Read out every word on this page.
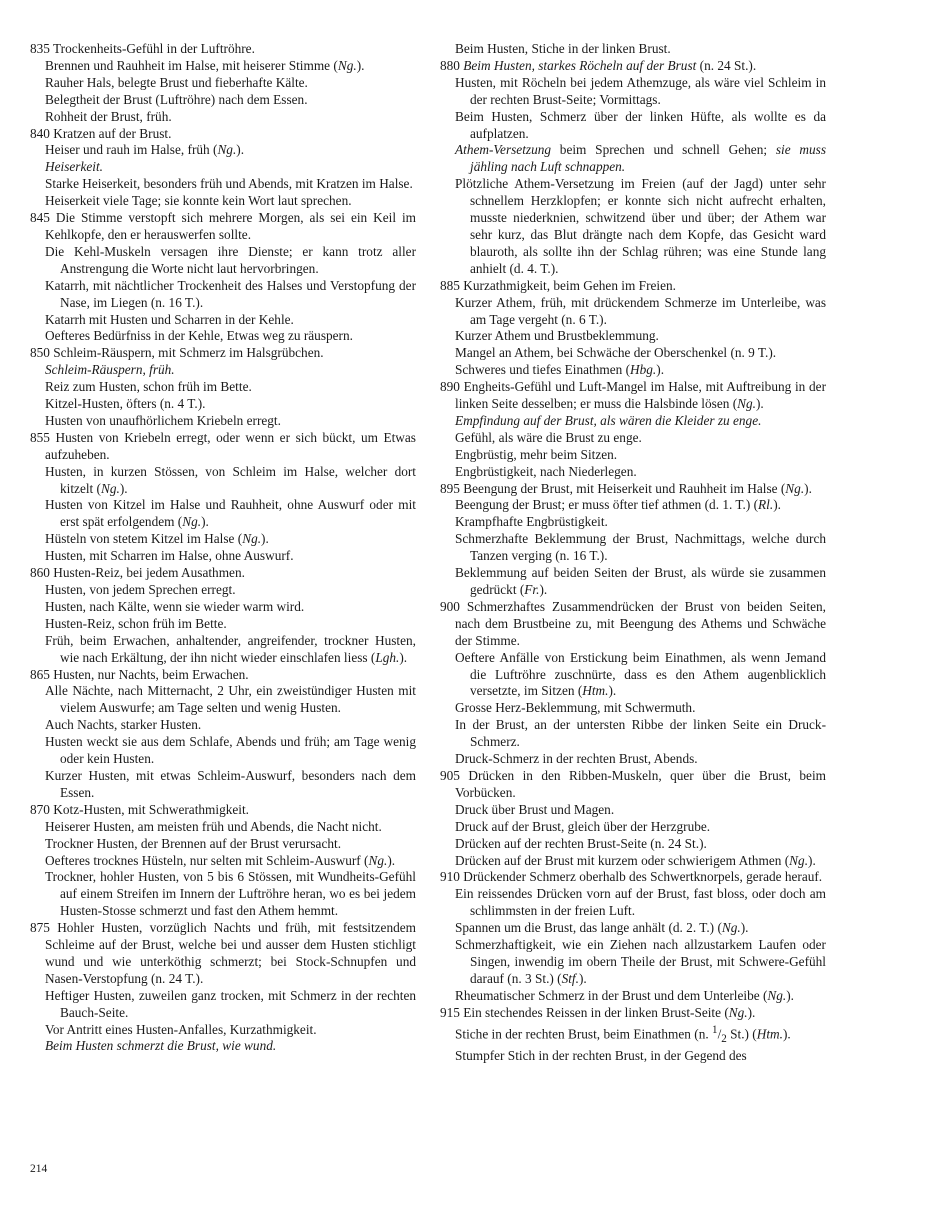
835 Trockenheits-Gefühl in der Luftröhre.

Brennen und Rauhheit im Halse, mit heiserer Stimme (Ng.).

Rauher Hals, belegte Brust und fieberhafte Kälte.

Belegtheit der Brust (Luftröhre) nach dem Essen.

Rohheit der Brust, früh.

840 Kratzen auf der Brust.

Heiser und rauh im Halse, früh (Ng.).

Heiserkeit.

Starke Heiserkeit, besonders früh und Abends, mit Kratzen im Halse.

Heiserkeit viele Tage; sie konnte kein Wort laut sprechen.

845 Die Stimme verstopft sich mehrere Morgen, als sei ein Keil im Kehlkopfe, den er herauswerfen sollte.

Die Kehl-Muskeln versagen ihre Dienste; er kann trotz aller Anstrengung die Worte nicht laut hervorbringen.

Katarrh, mit nächtlicher Trockenheit des Halses und Verstopfung der Nase, im Liegen (n. 16 T.).

Katarrh mit Husten und Scharren in der Kehle.

Oefteres Bedürfniss in der Kehle, Etwas weg zu räuspern.

850 Schleim-Räuspern, mit Schmerz im Halsgrübchen.

Schleim-Räuspern, früh.

Reiz zum Husten, schon früh im Bette.

Kitzel-Husten, öfters (n. 4 T.).

Husten von unaufhörlichem Kriebeln erregt.

855 Husten von Kriebeln erregt, oder wenn er sich bückt, um Etwas aufzuheben.

Husten, in kurzen Stössen, von Schleim im Halse, welcher dort kitzelt (Ng.).

Husten von Kitzel im Halse und Rauhheit, ohne Auswurf oder mit erst spät erfolgendem (Ng.).

Hüsteln von stetem Kitzel im Halse (Ng.).

Husten, mit Scharren im Halse, ohne Auswurf.

860 Husten-Reiz, bei jedem Ausathmen.

Husten, von jedem Sprechen erregt.

Husten, nach Kälte, wenn sie wieder warm wird.

Husten-Reiz, schon früh im Bette.

Früh, beim Erwachen, anhaltender, angreifender, trockner Husten, wie nach Erkältung, der ihn nicht wieder einschlafen liess (Lgh.).

865 Husten, nur Nachts, beim Erwachen.

Alle Nächte, nach Mitternacht, 2 Uhr, ein zweistündiger Husten mit vielem Auswurfe; am Tage selten und wenig Husten.

Auch Nachts, starker Husten.

Husten weckt sie aus dem Schlafe, Abends und früh; am Tage wenig oder kein Husten.

Kurzer Husten, mit etwas Schleim-Auswurf, besonders nach dem Essen.

870 Kotz-Husten, mit Schwerathmigkeit.

Heiserer Husten, am meisten früh und Abends, die Nacht nicht.

Trockner Husten, der Brennen auf der Brust verursacht.

Oefteres trocknes Hüsteln, nur selten mit Schleim-Auswurf (Ng.).

Trockner, hohler Husten, von 5 bis 6 Stössen, mit Wundheits-Gefühl auf einem Streifen im Innern der Luftröhre heran, wo es bei jedem Husten-Stosse schmerzt und fast den Athem hemmt.

875 Hohler Husten, vorzüglich Nachts und früh, mit festsitzendem Schleime auf der Brust, welche bei und ausser dem Husten stichligt wund und wie unterköthig schmerzt; bei Stock-Schnupfen und Nasen-Verstopfung (n. 24 T.).

Heftiger Husten, zuweilen ganz trocken, mit Schmerz in der rechten Bauch-Seite.

Vor Antritt eines Husten-Anfalles, Kurzathmigkeit.

Beim Husten schmerzt die Brust, wie wund.

Beim Husten, Stiche in der linken Brust.

880 Beim Husten, starkes Röcheln auf der Brust (n. 24 St.).

Husten, mit Röcheln bei jedem Athemzuge, als wäre viel Schleim in der rechten Brust-Seite; Vormittags.

Beim Husten, Schmerz über der linken Hüfte, als wollte es da aufplatzen.

Athem-Versetzung beim Sprechen und schnell Gehen; sie muss jähling nach Luft schnappen.

Plötzliche Athem-Versetzung im Freien (auf der Jagd) unter sehr schnellem Herzklopfen; er konnte sich nicht aufrecht erhalten, musste niederknien, schwitzend über und über; der Athem war sehr kurz, das Blut drängte nach dem Kopfe, das Gesicht ward blauroth, als sollte ihn der Schlag rühren; was eine Stunde lang anhielt (d. 4. T.).

885 Kurzathmigkeit, beim Gehen im Freien.

Kurzer Athem, früh, mit drückendem Schmerze im Unterleibe, was am Tage vergeht (n. 6 T.).

Kurzer Athem und Brustbeklemmung.

Mangel an Athem, bei Schwäche der Oberschenkel (n. 9 T.).

Schweres und tiefes Einathmen (Hbg.).

890 Engheits-Gefühl und Luft-Mangel im Halse, mit Auftreibung in der linken Seite desselben; er muss die Halsbinde lösen (Ng.).

Empfindung auf der Brust, als wären die Kleider zu enge.

Gefühl, als wäre die Brust zu enge.

Engbrüstig, mehr beim Sitzen.

Engbrüstigkeit, nach Niederlegen.

895 Beengung der Brust, mit Heiserkeit und Rauhheit im Halse (Ng.).

Beengung der Brust; er muss öfter tief athmen (d. 1. T.) (Rl.).

Krampfhafte Engbrüstigkeit.

Schmerzhafte Beklemmung der Brust, Nachmittags, welche durch Tanzen verging (n. 16 T.).

Beklemmung auf beiden Seiten der Brust, als würde sie zusammen gedrückt (Fr.).

900 Schmerzhaftes Zusammendrücken der Brust von beiden Seiten, nach dem Brustbeine zu, mit Beengung des Athems und Schwäche der Stimme.

Oeftere Anfälle von Erstickung beim Einathmen, als wenn Jemand die Luftröhre zuschnürte, dass es den Athem augenblicklich versetzte, im Sitzen (Htm.).

Grosse Herz-Beklemmung, mit Schwermuth.

In der Brust, an der untersten Ribbe der linken Seite ein Druck-Schmerz.

Druck-Schmerz in der rechten Brust, Abends.

905 Drücken in den Ribben-Muskeln, quer über die Brust, beim Vorbücken.

Druck über Brust und Magen.

Druck auf der Brust, gleich über der Herzgrube.

Drücken auf der rechten Brust-Seite (n. 24 St.).

Drücken auf der Brust mit kurzem oder schwierigem Athmen (Ng.).

910 Drückender Schmerz oberhalb des Schwertknorpels, gerade herauf.

Ein reissendes Drücken vorn auf der Brust, fast bloss, oder doch am schlimmsten in der freien Luft.

Spannen um die Brust, das lange anhält (d. 2. T.) (Ng.).

Schmerzhaftigkeit, wie ein Ziehen nach allzustarkem Laufen oder Singen, inwendig im obern Theile der Brust, mit Schwere-Gefühl darauf (n. 3 St.) (Stf.).

Rheumatischer Schmerz in der Brust und dem Unterleibe (Ng.).

915 Ein stechendes Reissen in der linken Brust-Seite (Ng.).

Stiche in der rechten Brust, beim Einathmen (n. $^1/_2$ St.) (Htm.).

Stumpfer Stich in der rechten Brust, in der Gegend des

214
